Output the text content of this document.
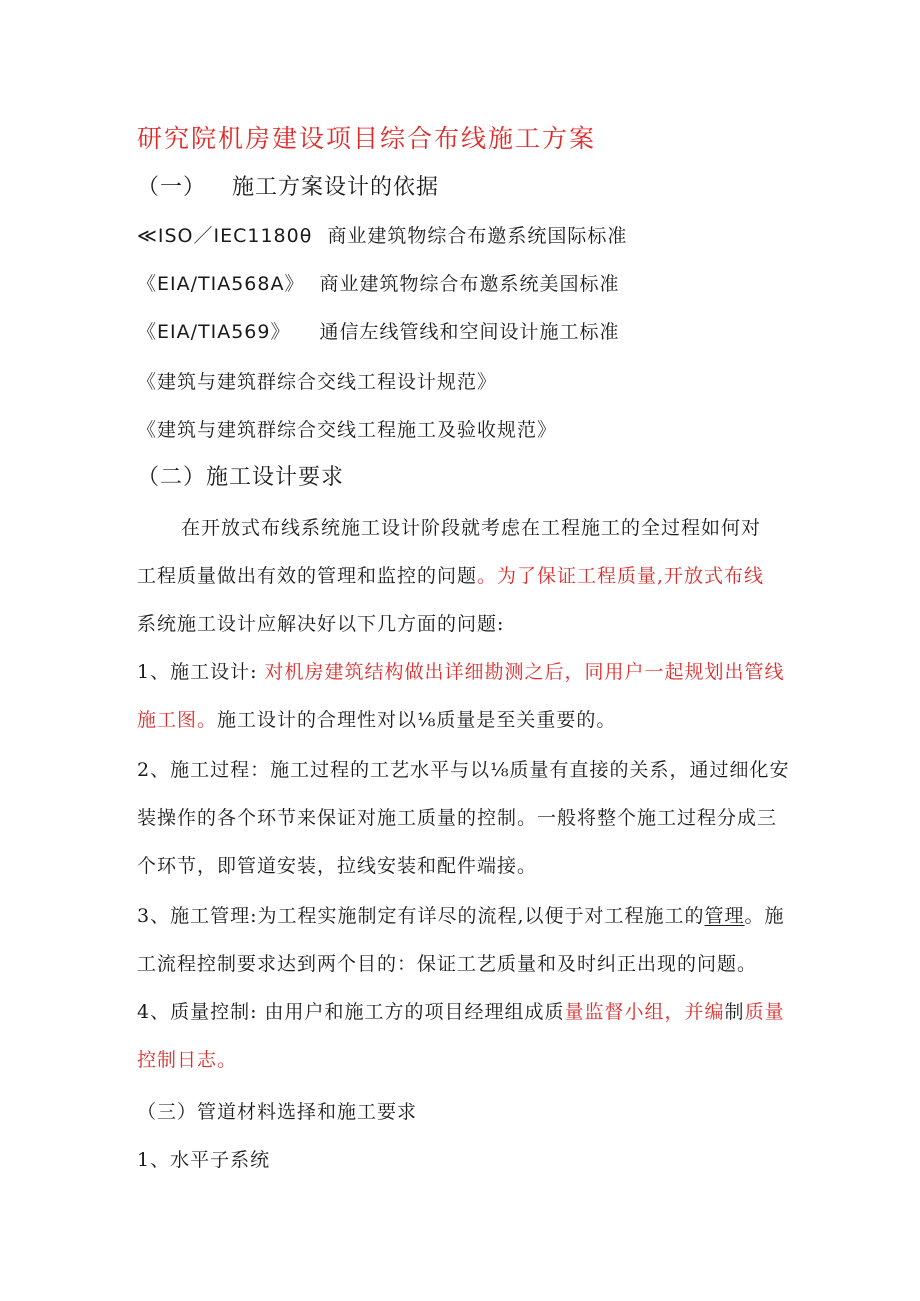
研究院机房建设项目综合布线施工方案
（一） 施工方案设计的依据
≪ISO／IEC1180θ 商业建筑物综合布邀系统国际标准
《EIA/TIA568A》 商业建筑物综合布邀系统美国标准
《EIA/TIA569》 通信左线管线和空间设计施工标准
《建筑与建筑群综合交线工程设计规范》
《建筑与建筑群综合交线工程施工及验收规范》
（二）施工设计要求
在开放式布线系统施工设计阶段就考虑在工程施工的全过程如何对
工程质量做出有效的管理和监控的问题。为了保证工程质量,开放式布线
系统施工设计应解决好以下几方面的问题:
1、施工设计: 对机房建筑结构做出详细勘测之后，同用户一起规划出管线
施工图。施工设计的合理性对以⅛质量是至关重要的。
2、施工过程：施工过程的工艺水平与以⅛质量有直接的关系，通过细化安
装操作的各个环节来保证对施工质量的控制。一般将整个施工过程分成三
个环节，即管道安装，拉线安装和配件端接。
3、施工管理:为工程实施制定有详尽的流程,以便于对工程施工的管理。施
工流程控制要求达到两个目的：保证工艺质量和及时纠正出现的问题。
4、质量控制: 由用户和施工方的项目经理组成质量监督小组，并编制质量
控制日志。
（三）管道材料选择和施工要求
1、水平子系统
